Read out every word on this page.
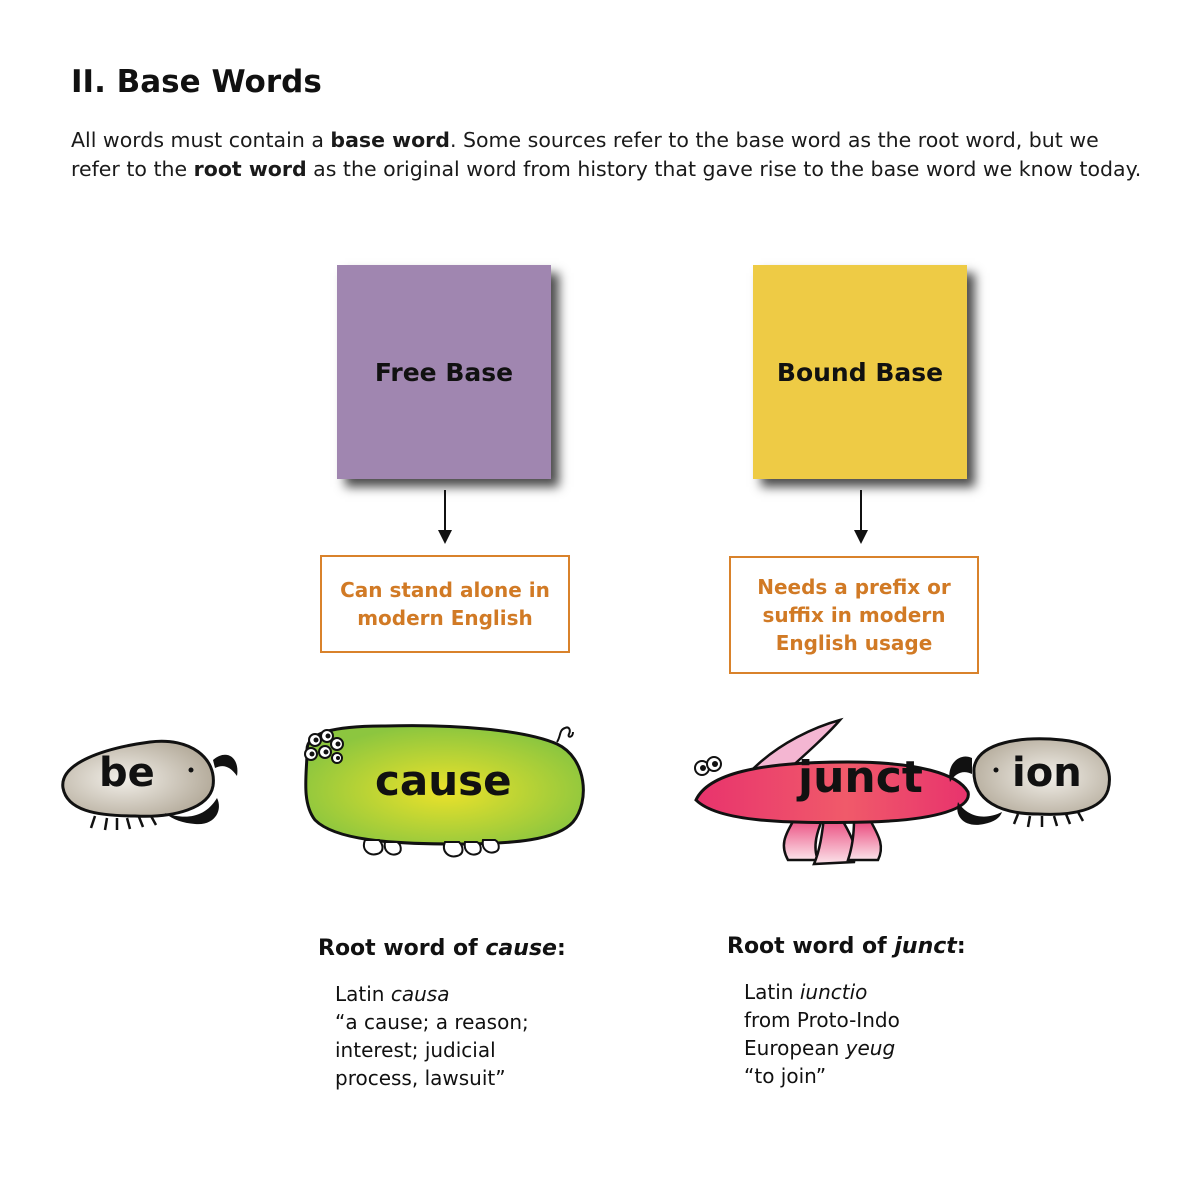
II. Base Words

All words must contain a base word. Some sources refer to the base word as the root word, but we refer to the root word as the original word from history that gave rise to the base word we know today.

Free Base	Bound Base
Can stand alone in
modern English
Needs a prefix or
suffix in modern
English usage
be	cause	junct ion
Root word of cause:
Latin causa
“a cause; a reason;
interest; judicial
process, lawsuit”
Root word of junct:
Latin iunctio
from Proto-Indo
European yeug
“to join”
